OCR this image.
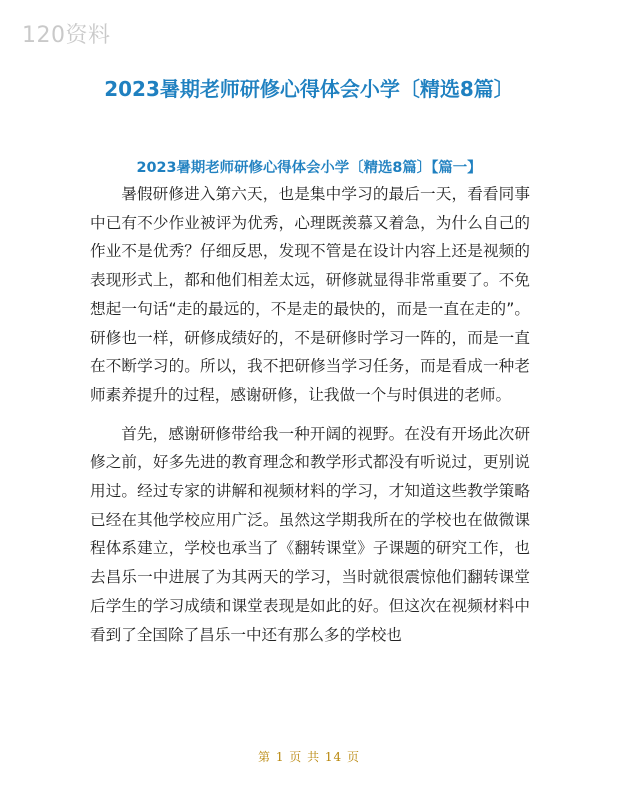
120资料
2023暑期老师研修心得体会小学〔精选8篇〕
2023暑期老师研修心得体会小学〔精选8篇〕【篇一】

暑假研修进入第六天，也是集中学习的最后一天，看看同事中已有不少作业被评为优秀，心理既羡慕又着急，为什么自己的作业不是优秀？仔细反思，发现不管是在设计内容上还是视频的表现形式上，都和他们相差太远，研修就显得非常重要了。不免想起一句话“走的最远的，不是走的最快的，而是一直在走的”。研修也一样，研修成绩好的，不是研修时学习一阵的，而是一直在不断学习的。所以，我不把研修当学习任务，而是看成一种老师素养提升的过程，感谢研修，让我做一个与时俱进的老师。

首先，感谢研修带给我一种开阔的视野。在没有开场此次研修之前，好多先进的教育理念和教学形式都没有听说过，更别说用过。经过专家的讲解和视频材料的学习，才知道这些教学策略已经在其他学校应用广泛。虽然这学期我所在的学校也在做微课程体系建立，学校也承当了《翻转课堂》子课题的研究工作，也去昌乐一中进展了为其两天的学习，当时就很震惊他们翻转课堂后学生的学习成绩和课堂表现是如此的好。但这次在视频材料中看到了全国除了昌乐一中还有那么多的学校也

第 1 页 共 14 页
